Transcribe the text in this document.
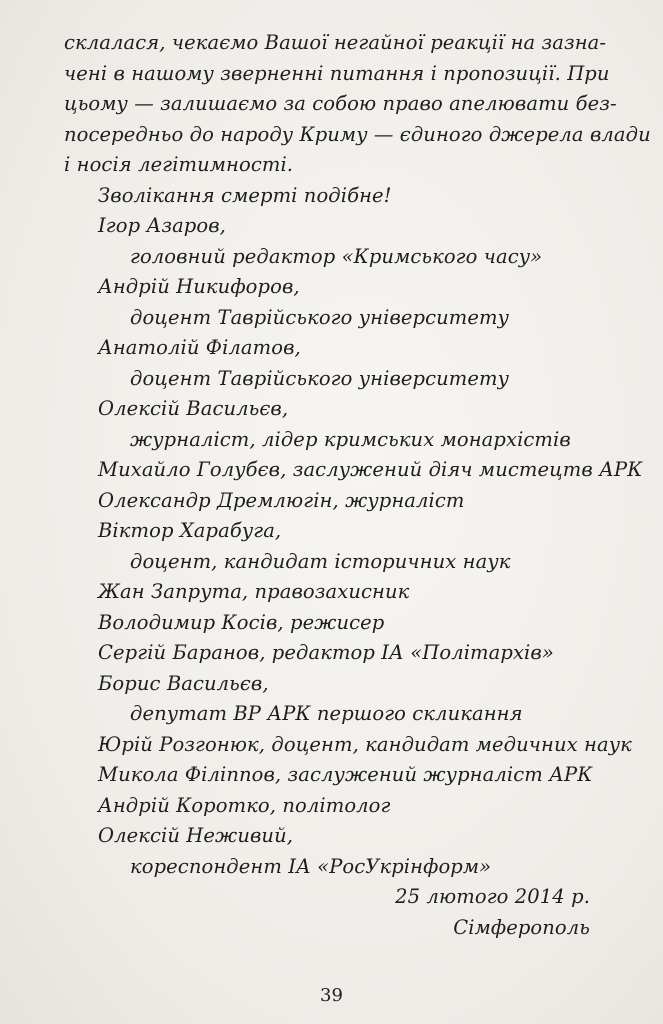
склалася, чекаємо Вашої негайної реакції на зазна-
чені в нашому зверненні питання і пропозиції. При
цьому — залишаємо за собою право апелювати без-
посередньо до народу Криму — єдиного джерела влади
і носія легітимності.
Зволікання смерті подібне!
Ігор Азаров,
головний редактор «Кримського часу»
Андрій Никифоров,
доцент Таврійського університету
Анатолій Філатов,
доцент Таврійського університету
Олексій Васильєв,
журналіст, лідер кримських монархістів
Михайло Голубєв, заслужений діяч мистецтв АРК
Олександр Дремлюгін, журналіст
Віктор Харабуга,
доцент, кандидат історичних наук
Жан Запрута, правозахисник
Володимир Косів, режисер
Сергій Баранов, редактор ІА «Політархів»
Борис Васильєв,
депутат ВР АРК першого скликання
Юрій Розгонюк, доцент, кандидат медичних наук
Микола Філіппов, заслужений журналіст АРК
Андрій Коротко, політолог
Олексій Неживий,
кореспондент ІА «РосУкрінформ»
25 лютого 2014 р.
Сімферополь
39
